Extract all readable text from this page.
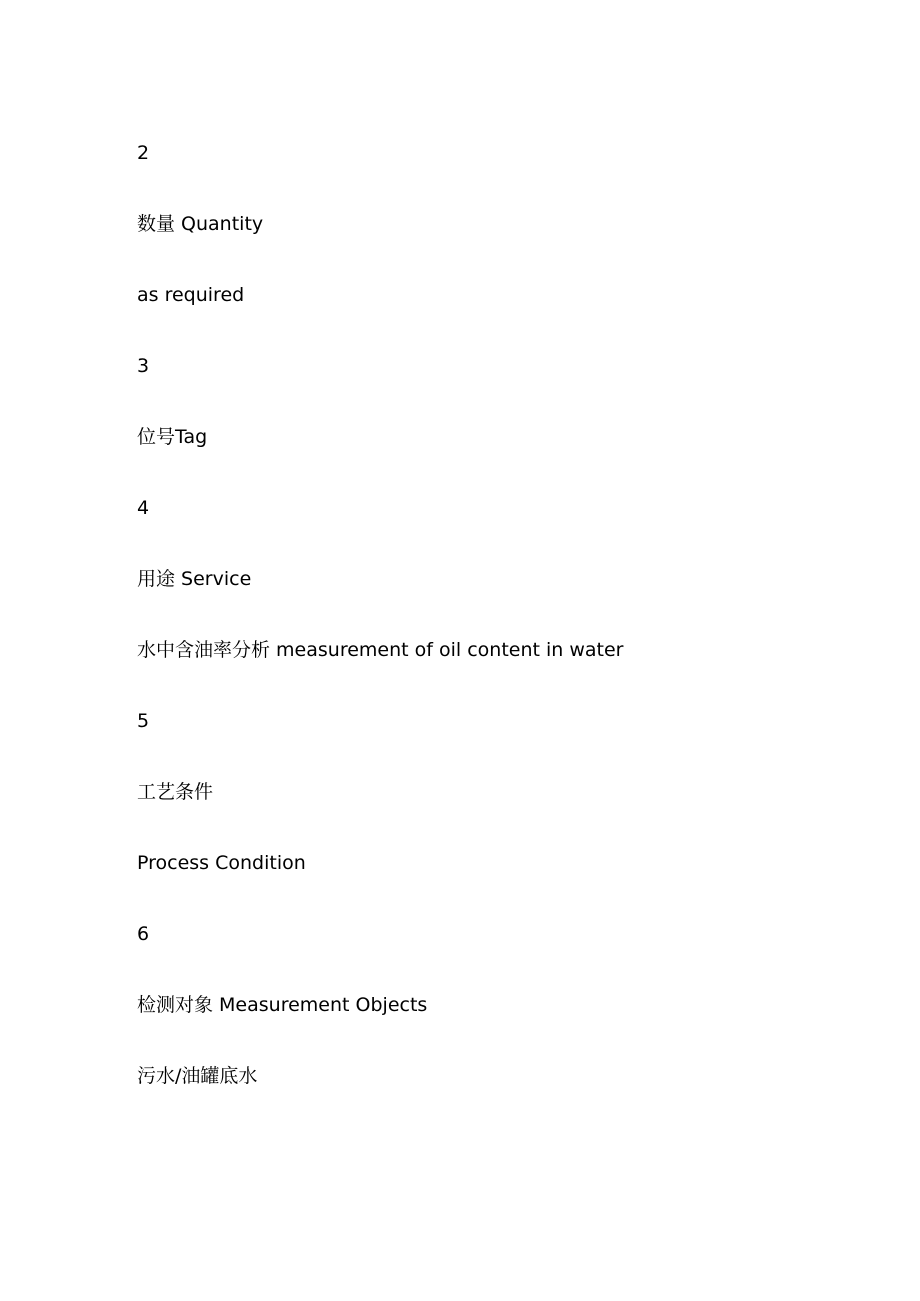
2
数量 Quantity
as required
3
位号Tag
4
用途 Service
水中含油率分析 measurement of oil content in water
5
工艺条件
Process Condition
6
检测对象 Measurement Objects
污水/油罐底水
